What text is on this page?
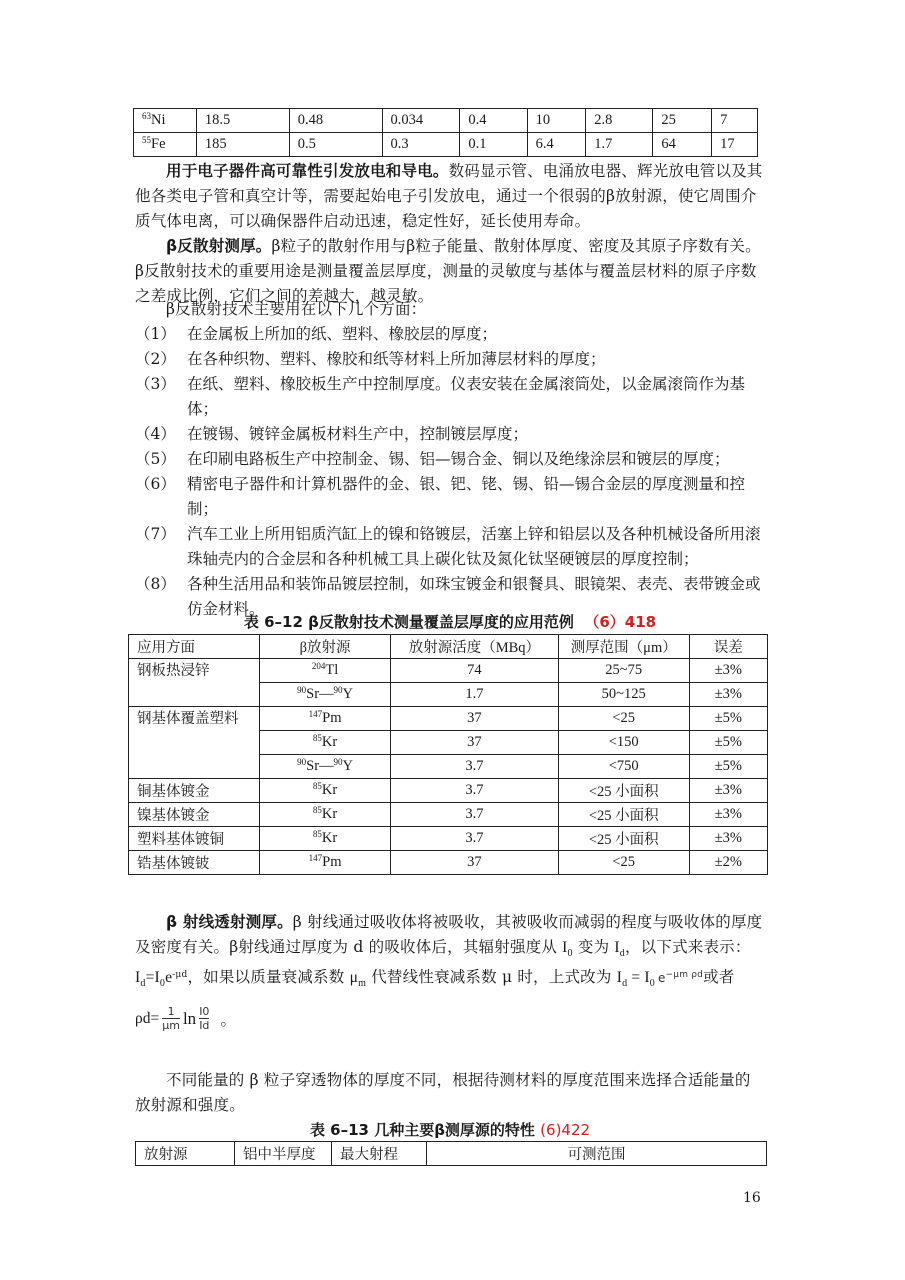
$^{63}$Ni	18.5	0.48	0.034	0.4	10	2.8	25	7
$^{55}$Fe	185	0.5	0.3	0.1	6.4	1.7	64	17
用于电子器件高可靠性引发放电和导电。数码显示管、电涌放电器、辉光放电管以及其他各类电子管和真空计等，需要起始电子引发放电，通过一个很弱的β放射源，使它周围介质气体电离，可以确保器件启动迅速，稳定性好，延长使用寿命。
β反散射测厚。β粒子的散射作用与β粒子能量、散射体厚度、密度及其原子序数有关。β反散射技术的重要用途是测量覆盖层厚度，测量的灵敏度与基体与覆盖层材料的原子序数之差成比例，它们之间的差越大，越灵敏。
β反散射技术主要用在以下几个方面：
（1） 在金属板上所加的纸、塑料、橡胶层的厚度；
（2） 在各种织物、塑料、橡胶和纸等材料上所加薄层材料的厚度；
（3） 在纸、塑料、橡胶板生产中控制厚度。仪表安装在金属滚筒处，以金属滚筒作为基体；
（4） 在镀锡、镀锌金属板材料生产中，控制镀层厚度；
（5） 在印刷电路板生产中控制金、锡、铝—锡合金、铜以及绝缘涂层和镀层的厚度；
（6） 精密电子器件和计算机器件的金、银、钯、铑、锡、铅—锡合金层的厚度测量和控制；
（7） 汽车工业上所用铝质汽缸上的镍和铬镀层，活塞上锌和铅层以及各种机械设备所用滚珠轴壳内的合金层和各种机械工具上碳化钛及氮化钛坚硬镀层的厚度控制；
（8） 各种生活用品和装饰品镀层控制，如珠宝镀金和银餐具、眼镜架、表壳、表带镀金或仿金材料。
表 6–12 β反散射技术测量覆盖层厚度的应用范例 （6）418
应用方面	β放射源	放射源活度（MBq）	测厚范围（μm）	误差
钢板热浸锌	$^{204}$Tl	74	25~75	±3%
	$^{90}$Sr—$^{90}$Y	1.7	50~125	±3%
钢基体覆盖塑料	$^{147}$Pm	37	<25	±5%
	$^{85}$Kr	37	<150	±5%
	$^{90}$Sr—$^{90}$Y	3.7	<750	±5%
铜基体镀金	$^{85}$Kr	3.7	<25 小面积	±3%
镍基体镀金	$^{85}$Kr	3.7	<25 小面积	±3%
塑料基体镀铜	$^{85}$Kr	3.7	<25 小面积	±3%
锆基体镀铍	$^{147}$Pm	37	<25	±2%
β 射线透射测厚。β 射线通过吸收体将被吸收，其被吸收而减弱的程度与吸收体的厚度及密度有关。β射线通过厚度为 d 的吸收体后，其辐射强度从 $I_0$ 变为 $I_d$，以下式来表示：
$I_d=I_0e^{-\mu d}$，如果以质量衰减系数 $\mu_m$ 代替线性衰减系数 μ 时，上式改为 $I_d = I_0$ $e^{-\mu m \rho d}$或者
$\rho d= \frac{1}{\mu m}$ $\ln \frac{I0}{Id}$ 。
不同能量的 β 粒子穿透物体的厚度不同，根据待测材料的厚度范围来选择合适能量的放射源和强度。
表 6–13 几种主要β测厚源的特性 (6)422
放射源	铝中半厚度	最大射程	可测范围
16
